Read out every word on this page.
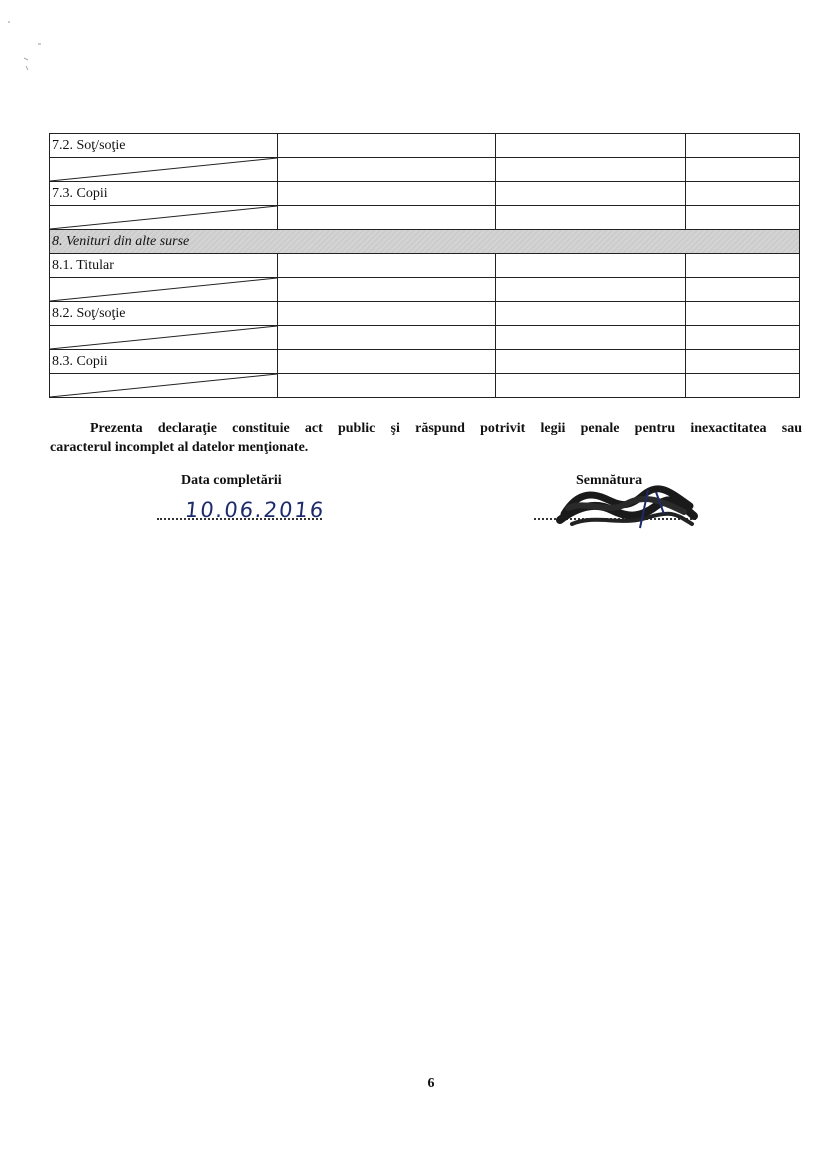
7.2. Soţ/soţie			

7.3. Copii			

8. Venituri din alte surse			
8.1. Titular			

8.2. Soţ/soţie			

8.3. Copii			

Prezenta declaraţie constituie act public şi răspund potrivit legii penale pentru inexactitatea sau
caracterul incomplet al datelor menţionate.
Data completării
10.06.2016
Semnătura
6
